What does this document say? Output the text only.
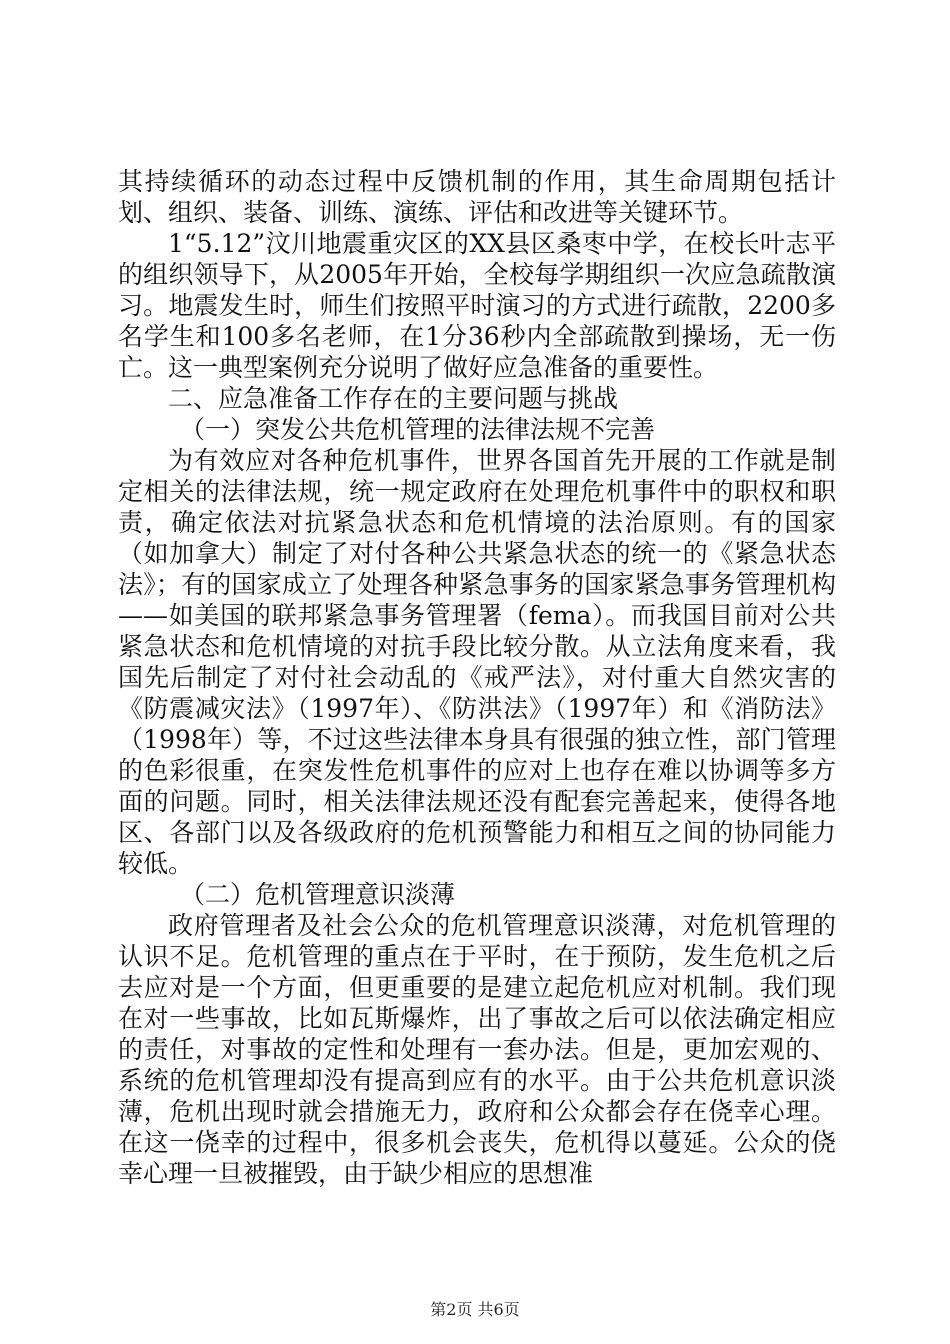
其持续循环的动态过程中反馈机制的作用，其生命周期包括计划、组织、装备、训练、演练、评估和改进等关键环节。

1“5.12”汶川地震重灾区的XX县区桑枣中学，在校长叶志平的组织领导下，从2005年开始，全校每学期组织一次应急疏散演习。地震发生时，师生们按照平时演习的方式进行疏散，2200多名学生和100多名老师，在1分36秒内全部疏散到操场，无一伤亡。这一典型案例充分说明了做好应急准备的重要性。

二、应急准备工作存在的主要问题与挑战

（一）突发公共危机管理的法律法规不完善

为有效应对各种危机事件，世界各国首先开展的工作就是制定相关的法律法规，统一规定政府在处理危机事件中的职权和职责，确定依法对抗紧急状态和危机情境的法治原则。有的国家（如加拿大）制定了对付各种公共紧急状态的统一的《紧急状态法》；有的国家成立了处理各种紧急事务的国家紧急事务管理机构——如美国的联邦紧急事务管理署（fema）。而我国目前对公共紧急状态和危机情境的对抗手段比较分散。从立法角度来看，我国先后制定了对付社会动乱的《戒严法》，对付重大自然灾害的《防震减灾法》（1997年）、《防洪法》（1997年）和《消防法》（1998年）等，不过这些法律本身具有很强的独立性，部门管理的色彩很重，在突发性危机事件的应对上也存在难以协调等多方面的问题。同时，相关法律法规还没有配套完善起来，使得各地区、各部门以及各级政府的危机预警能力和相互之间的协同能力较低。

（二）危机管理意识淡薄

政府管理者及社会公众的危机管理意识淡薄，对危机管理的认识不足。危机管理的重点在于平时，在于预防，发生危机之后去应对是一个方面，但更重要的是建立起危机应对机制。我们现在对一些事故，比如瓦斯爆炸，出了事故之后可以依法确定相应的责任，对事故的定性和处理有一套办法。但是，更加宏观的、系统的危机管理却没有提高到应有的水平。由于公共危机意识淡薄，危机出现时就会措施无力，政府和公众都会存在侥幸心理。在这一侥幸的过程中，很多机会丧失，危机得以蔓延。公众的侥幸心理一旦被摧毁，由于缺少相应的思想准

第2页 共6页
